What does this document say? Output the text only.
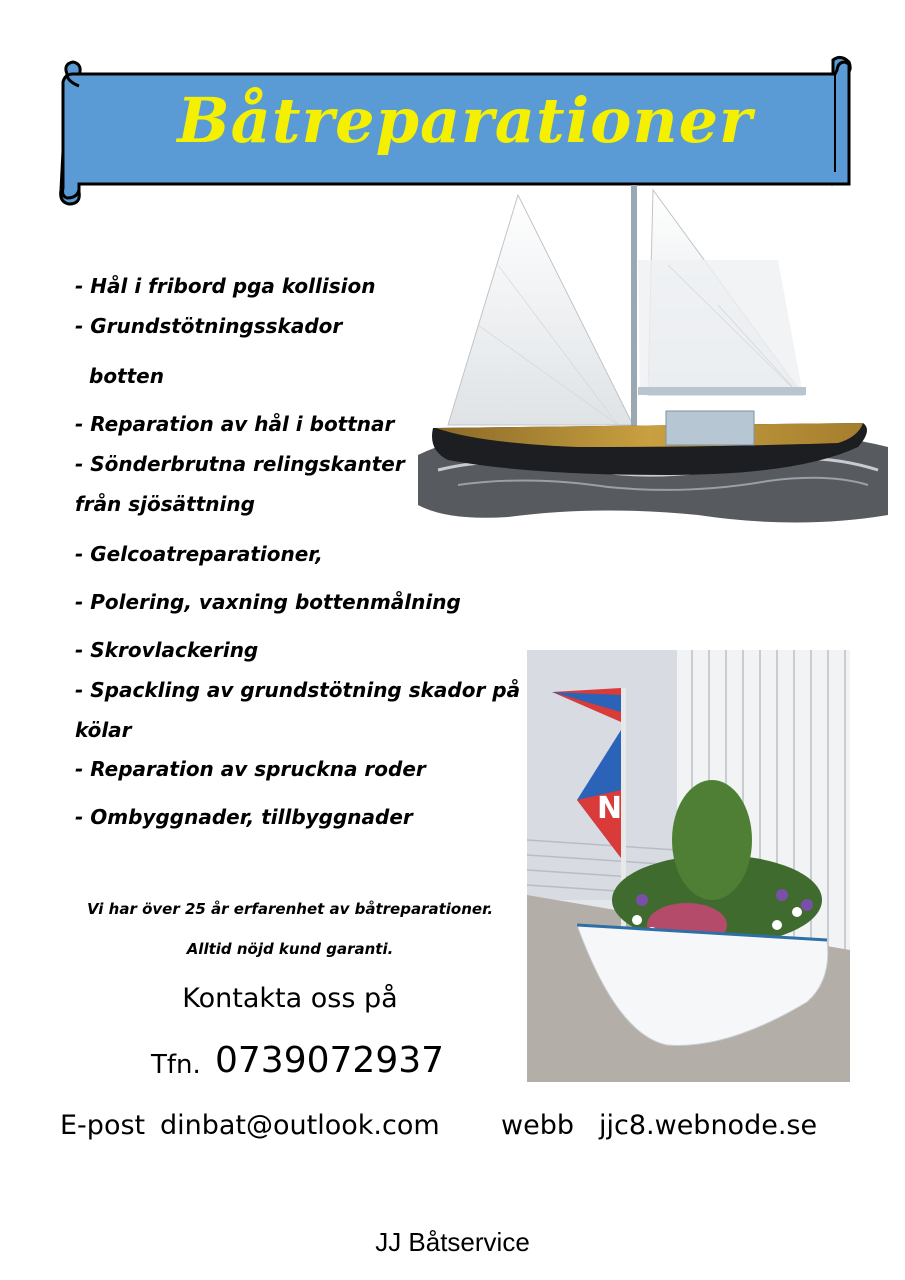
Båtreparationer
- Hål i fribord pga kollision
- Grundstötningsskador
botten
- Reparation av hål i bottnar
- Sönderbrutna relingskanter
från sjösättning
- Gelcoatreparationer,
- Polering, vaxning bottenmålning
- Skrovlackering
- Spackling av grundstötning skador på
kölar
- Reparation av spruckna roder
- Ombyggnader, tillbyggnader	N
Vi har över 25 år erfarenhet av båtreparationer.
Alltid nöjd kund garanti.
Kontakta oss på
Tfn. 0739072937
E-post dinbat@outlook.com webb jjc8.webnode.se
JJ Båtservice
